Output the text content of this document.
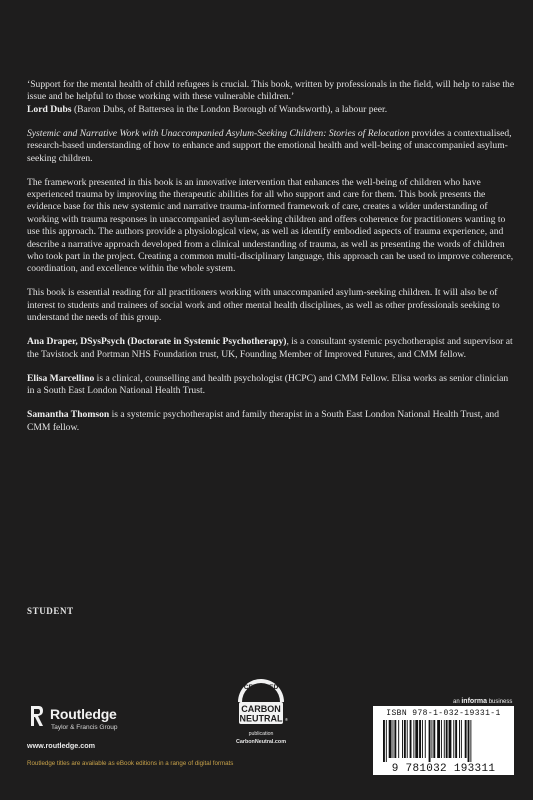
‘Support for the mental health of child refugees is crucial. This book, written by professionals in the field, will help to raise the issue and be helpful to those working with these vulnerable children.’
Lord Dubs (Baron Dubs, of Battersea in the London Borough of Wandsworth), a labour peer.

Systemic and Narrative Work with Unaccompanied Asylum-Seeking Children: Stories of Relocation provides a contextualised, research-based understanding of how to enhance and support the emotional health and well-being of unaccompanied asylum-seeking children.

The framework presented in this book is an innovative intervention that enhances the well-being of children who have experienced trauma by improving the therapeutic abilities for all who support and care for them. This book presents the evidence base for this new systemic and narrative trauma-informed framework of care, creates a wider understanding of working with trauma responses in unaccompanied asylum-seeking children and offers coherence for practitioners wanting to use this approach. The authors provide a physiological view, as well as identify embodied aspects of trauma experience, and describe a narrative approach developed from a clinical understanding of trauma, as well as presenting the words of children who took part in the project. Creating a common multi-disciplinary language, this approach can be used to improve coherence, coordination, and excellence within the whole system.

This book is essential reading for all practitioners working with unaccompanied asylum-seeking children. It will also be of interest to students and trainees of social work and other mental health disciplines, as well as other professionals seeking to understand the needs of this group.

Ana Draper, DSysPsych (Doctorate in Systemic Psychotherapy), is a consultant systemic psychotherapist and supervisor at the Tavistock and Portman NHS Foundation trust, UK, Founding Member of Improved Futures, and CMM fellow.

Elisa Marcellino is a clinical, counselling and health psychologist (HCPC) and CMM Fellow. Elisa works as senior clinician in a South East London National Health Trust.

Samantha Thomson is a systemic psychotherapist and family therapist in a South East London National Health Trust, and CMM fellow.

STUDENT
Routledge
Taylor & Francis Group
www.routledge.com
Routledge titles are available as eBook editions in a range of digital formats
CERTIFIED
CARBON
NEUTRAL ®
publication
CarbonNeutral.com
an informa business
ISBN 978-1-032-19331-1
9 781032 193311
